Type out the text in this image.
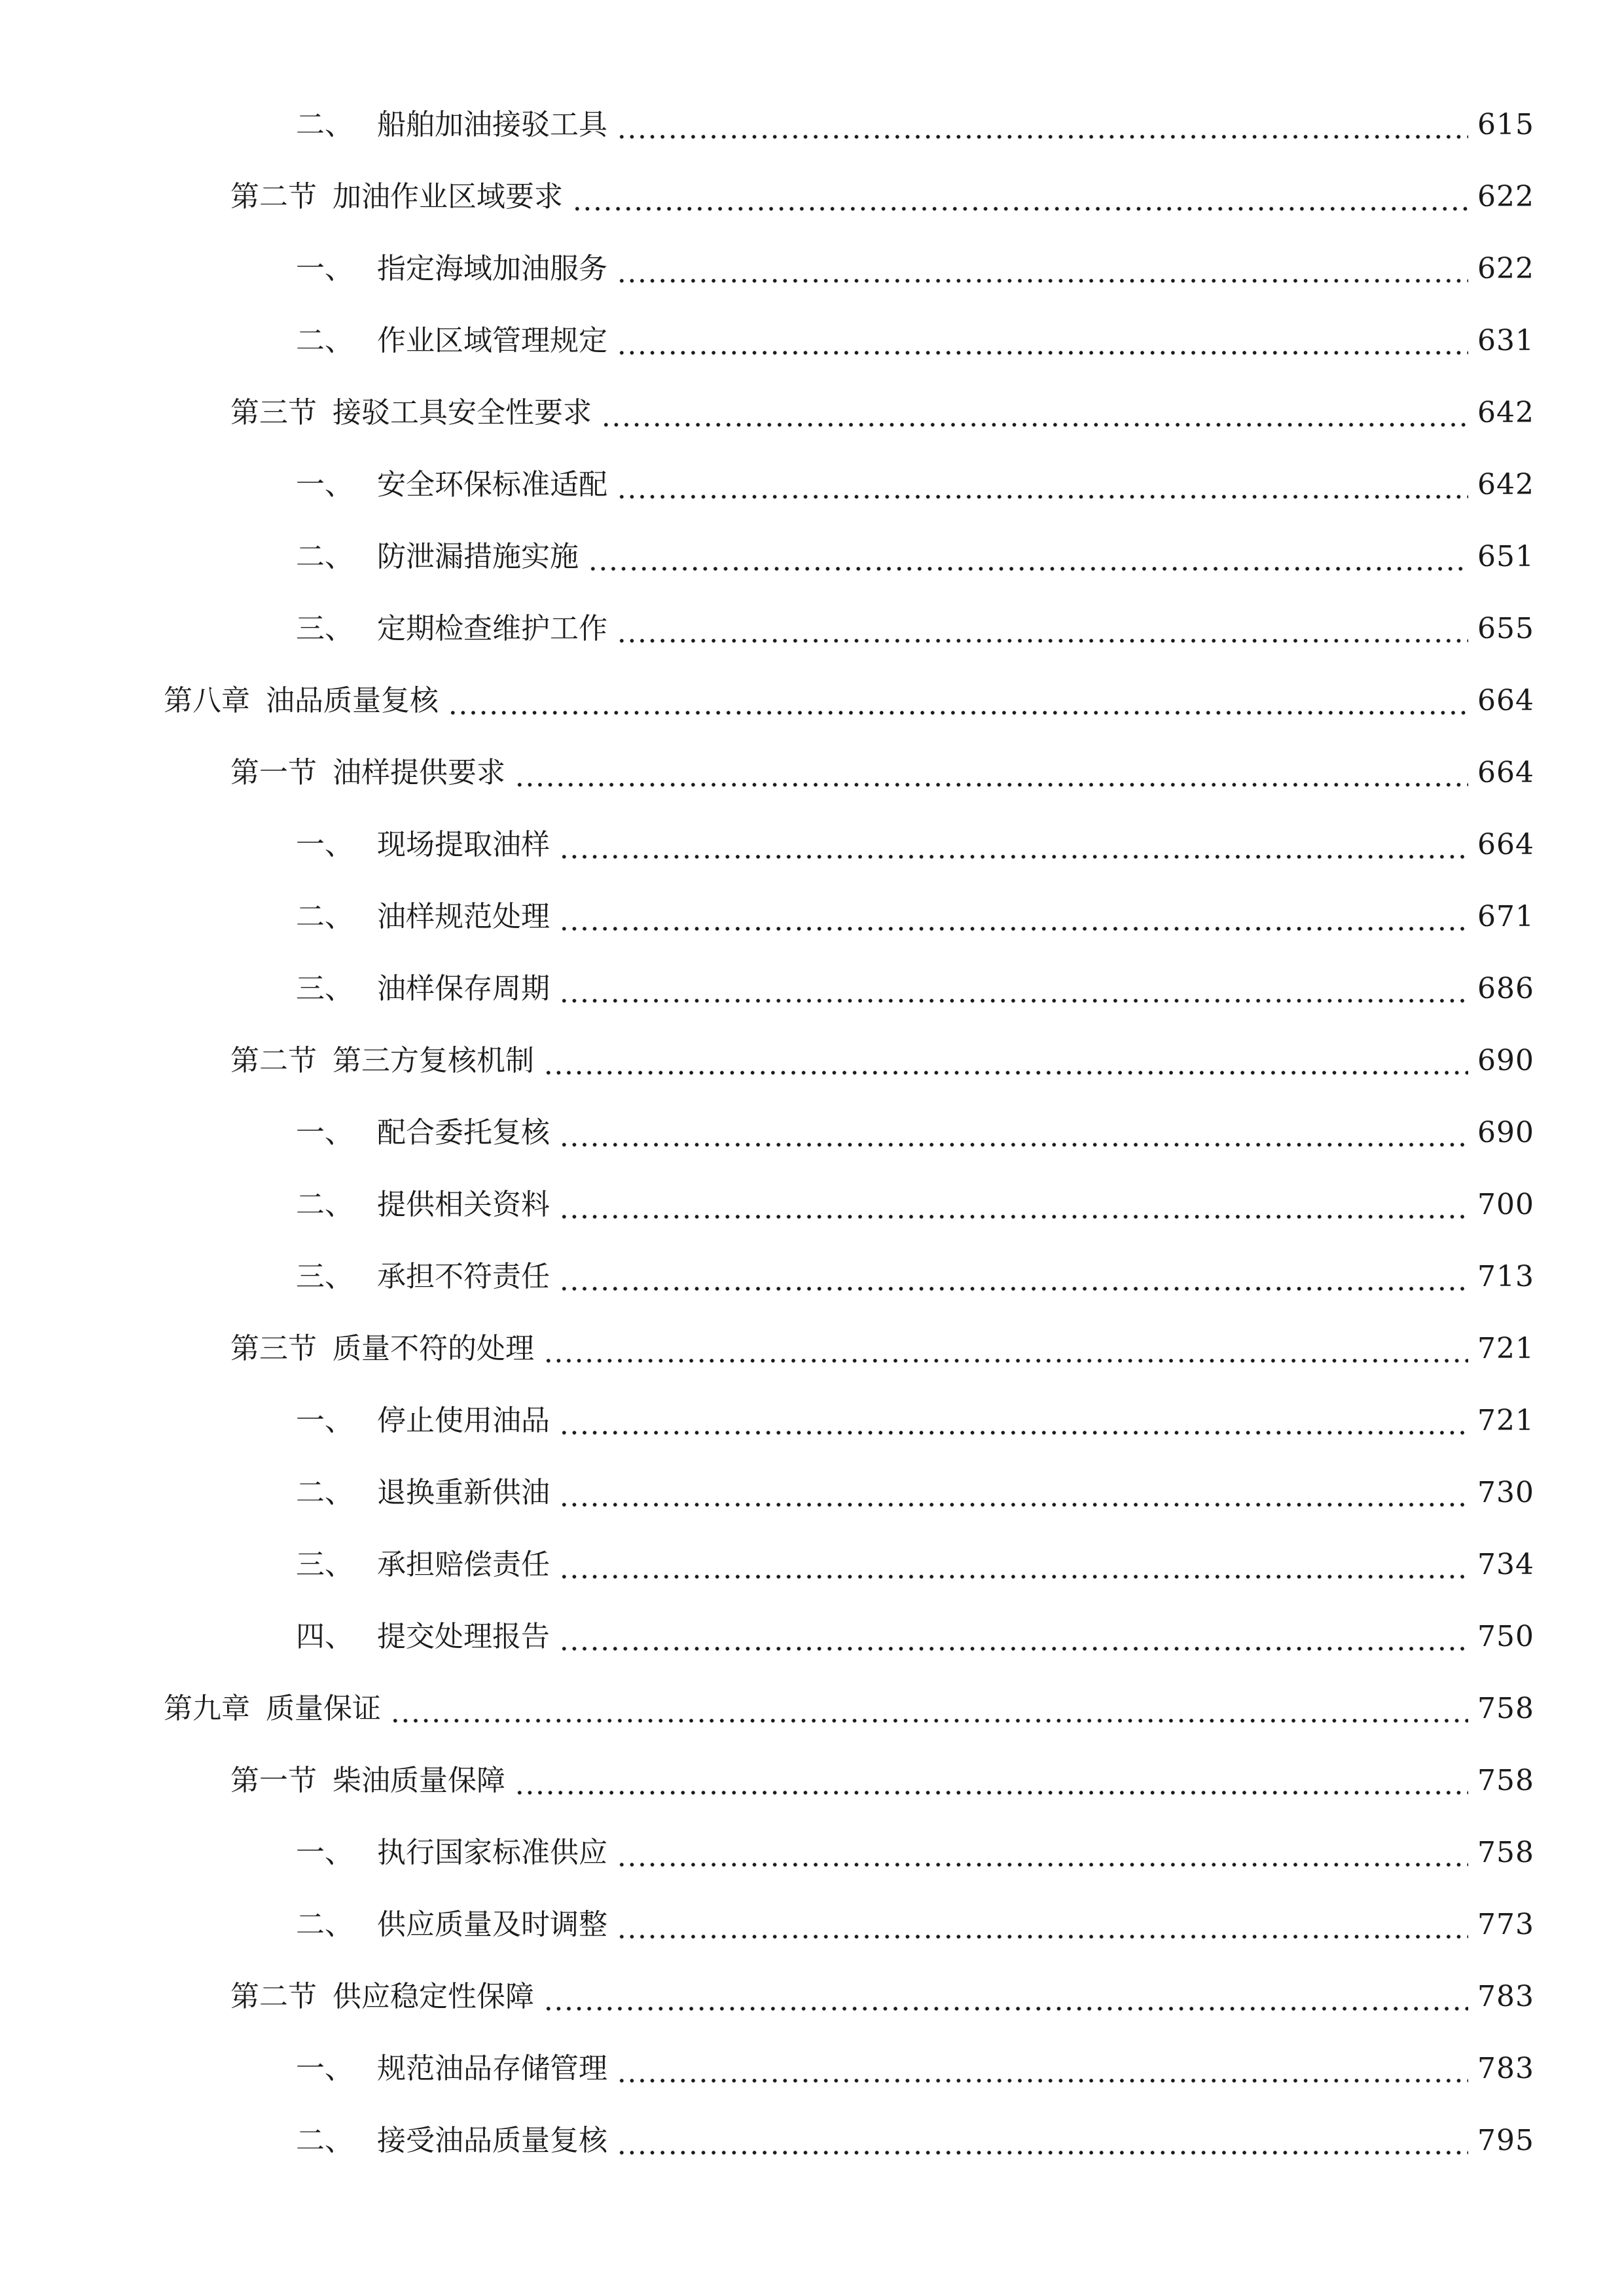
二、 船舶加油接驳工具	615
第二节 加油作业区域要求	622
一、 指定海域加油服务	622
二、 作业区域管理规定	631
第三节 接驳工具安全性要求	642
一、 安全环保标准适配	642
二、 防泄漏措施实施	651
三、 定期检查维护工作	655
第八章 油品质量复核	664
第一节 油样提供要求	664
一、 现场提取油样	664
二、 油样规范处理	671
三、 油样保存周期	686
第二节 第三方复核机制	690
一、 配合委托复核	690
二、 提供相关资料	700
三、 承担不符责任	713
第三节 质量不符的处理	721
一、 停止使用油品	721
二、 退换重新供油	730
三、 承担赔偿责任	734
四、 提交处理报告	750
第九章 质量保证	758
第一节 柴油质量保障	758
一、 执行国家标准供应	758
二、 供应质量及时调整	773
第二节 供应稳定性保障	783
一、 规范油品存储管理	783
二、 接受油品质量复核	795
